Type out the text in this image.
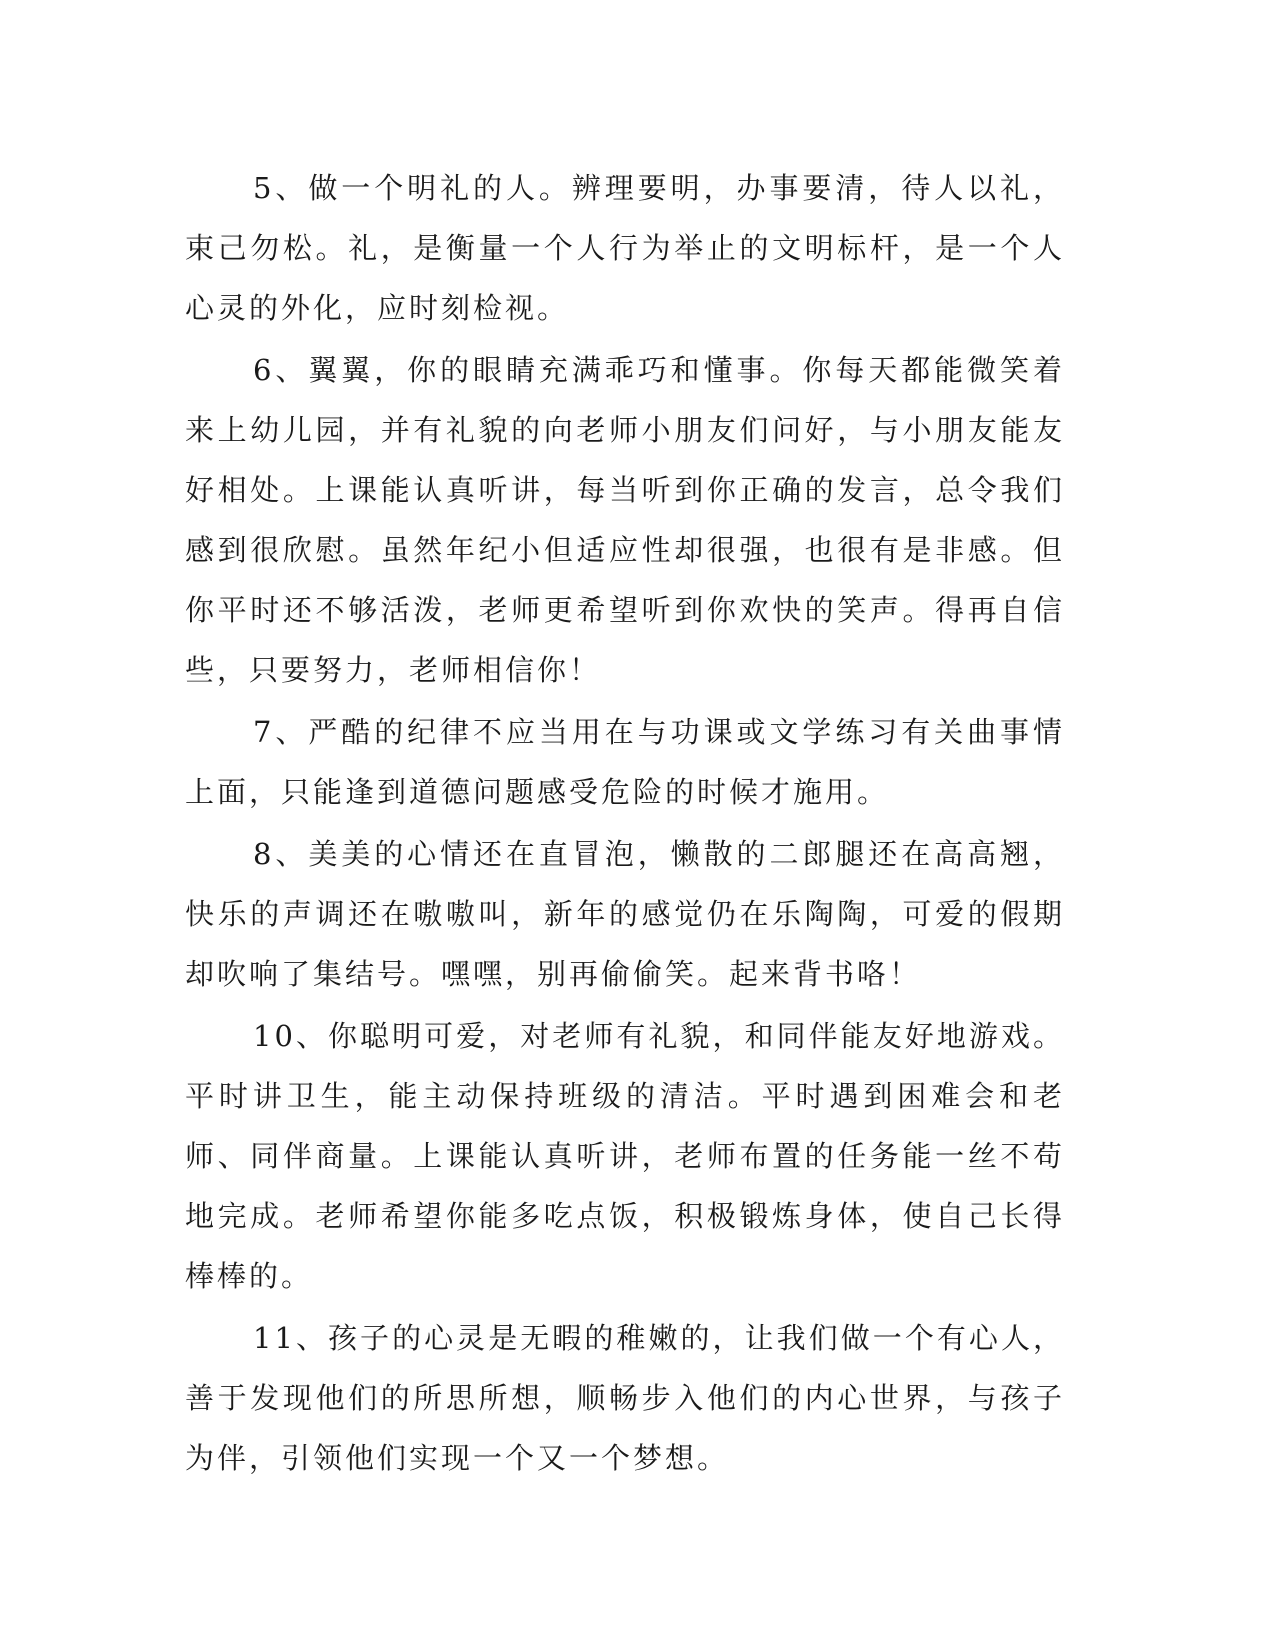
5、做一个明礼的人。辨理要明，办事要清，待人以礼，束己勿松。礼，是衡量一个人行为举止的文明标杆，是一个人心灵的外化，应时刻检视。

6、翼翼，你的眼睛充满乖巧和懂事。你每天都能微笑着来上幼儿园，并有礼貌的向老师小朋友们问好，与小朋友能友好相处。上课能认真听讲，每当听到你正确的发言，总令我们感到很欣慰。虽然年纪小但适应性却很强，也很有是非感。但你平时还不够活泼，老师更希望听到你欢快的笑声。得再自信些，只要努力，老师相信你！

7、严酷的纪律不应当用在与功课或文学练习有关曲事情上面，只能逢到道德问题感受危险的时候才施用。

8、美美的心情还在直冒泡，懒散的二郎腿还在高高翘，快乐的声调还在嗷嗷叫，新年的感觉仍在乐陶陶，可爱的假期却吹响了集结号。嘿嘿，别再偷偷笑。起来背书咯！

10、你聪明可爱，对老师有礼貌，和同伴能友好地游戏。平时讲卫生，能主动保持班级的清洁。平时遇到困难会和老师、同伴商量。上课能认真听讲，老师布置的任务能一丝不苟地完成。老师希望你能多吃点饭，积极锻炼身体，使自己长得棒棒的。

11、孩子的心灵是无暇的稚嫩的，让我们做一个有心人，善于发现他们的所思所想，顺畅步入他们的内心世界，与孩子为伴，引领他们实现一个又一个梦想。
